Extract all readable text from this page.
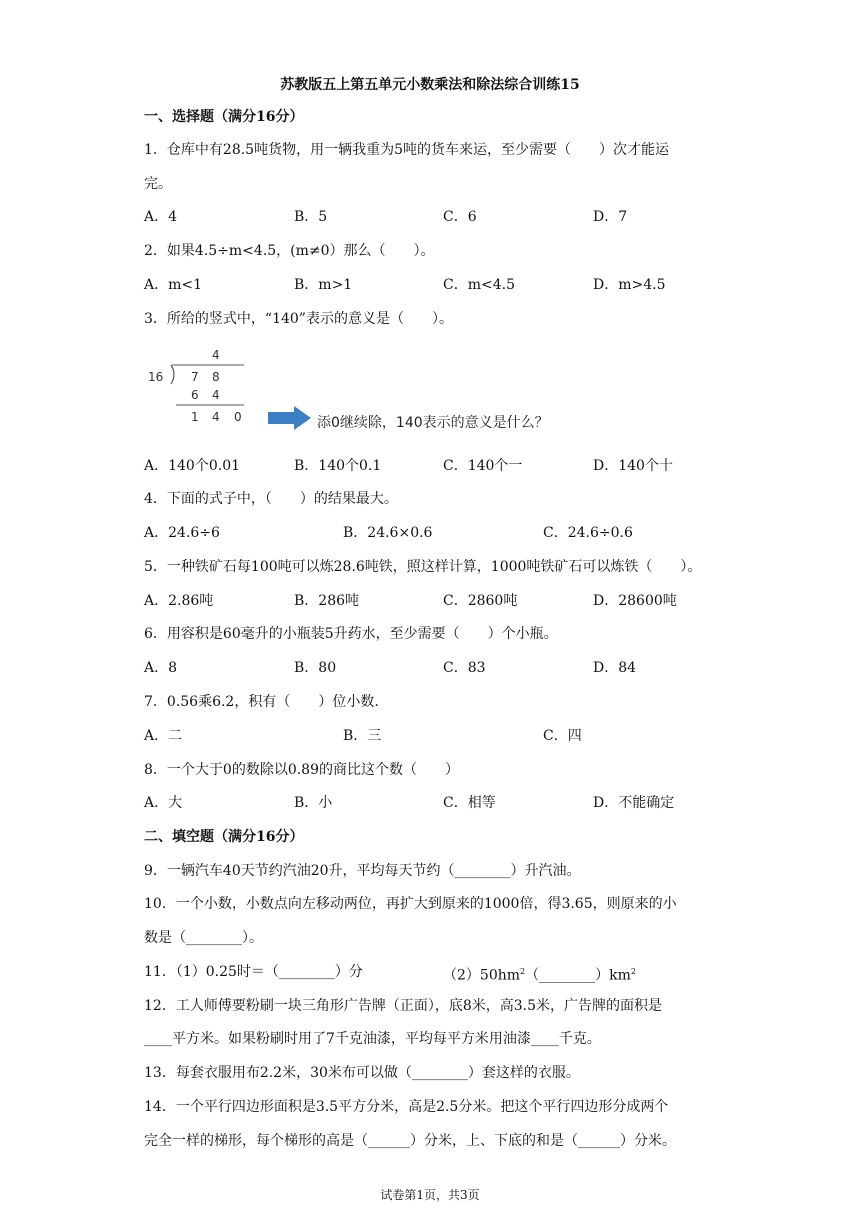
苏教版五上第五单元小数乘法和除法综合训练15
一、选择题（满分16分）
1．仓库中有28.5吨货物，用一辆我重为5吨的货车来运，至少需要（　　）次才能运
完。
A．4	B．5	C．6	D．7
2．如果4.5÷m<4.5，(m≠0）那么（　　）。
A．m<1	B．m>1	C．m<4.5	D．m>4.5
3．所给的竖式中，“140”表示的意义是（　　）。
4
16 7 8
6 4
1 4 0	添0继续除，140表示的意义是什么？
A．140个0.01	B．140个0.1	C．140个一	D．140个十
4．下面的式子中，（　　）的结果最大。
A．24.6÷6	B．24.6×0.6	C．24.6÷0.6
5．一种铁矿石每100吨可以炼28.6吨铁，照这样计算，1000吨铁矿石可以炼铁（　　）。
A．2.86吨	B．286吨	C．2860吨	D．28600吨
6．用容积是60毫升的小瓶装5升药水，至少需要（　　）个小瓶。
A．8	B．80	C．83	D．84
7．0.56乘6.2，积有（　　）位小数.
A．二	B．三	C．四
8．一个大于0的数除以0.89的商比这个数（　　）
A．大	B．小	C．相等	D．不能确定
二、填空题（满分16分）
9．一辆汽车40天节约汽油20升，平均每天节约（________）升汽油。
10．一个小数，小数点向左移动两位，再扩大到原来的1000倍，得3.65，则原来的小
数是（________）。
11．（1）0.25时＝（________）分	$(2)50hm^2(\_\_\_\_\_\_\_\_)km^2$
12．工人师傅要粉刷一块三角形广告牌（正面），底8米，高3.5米，广告牌的面积是
____平方米。如果粉刷时用了7千克油漆，平均每平方米用油漆____千克。
13．每套衣服用布2.2米，30米布可以做（________）套这样的衣服。
14．一个平行四边形面积是3.5平方分米，高是2.5分米。把这个平行四边形分成两个
完全一样的梯形，每个梯形的高是（______）分米，上、下底的和是（______）分米。
试卷第1页，共3页
